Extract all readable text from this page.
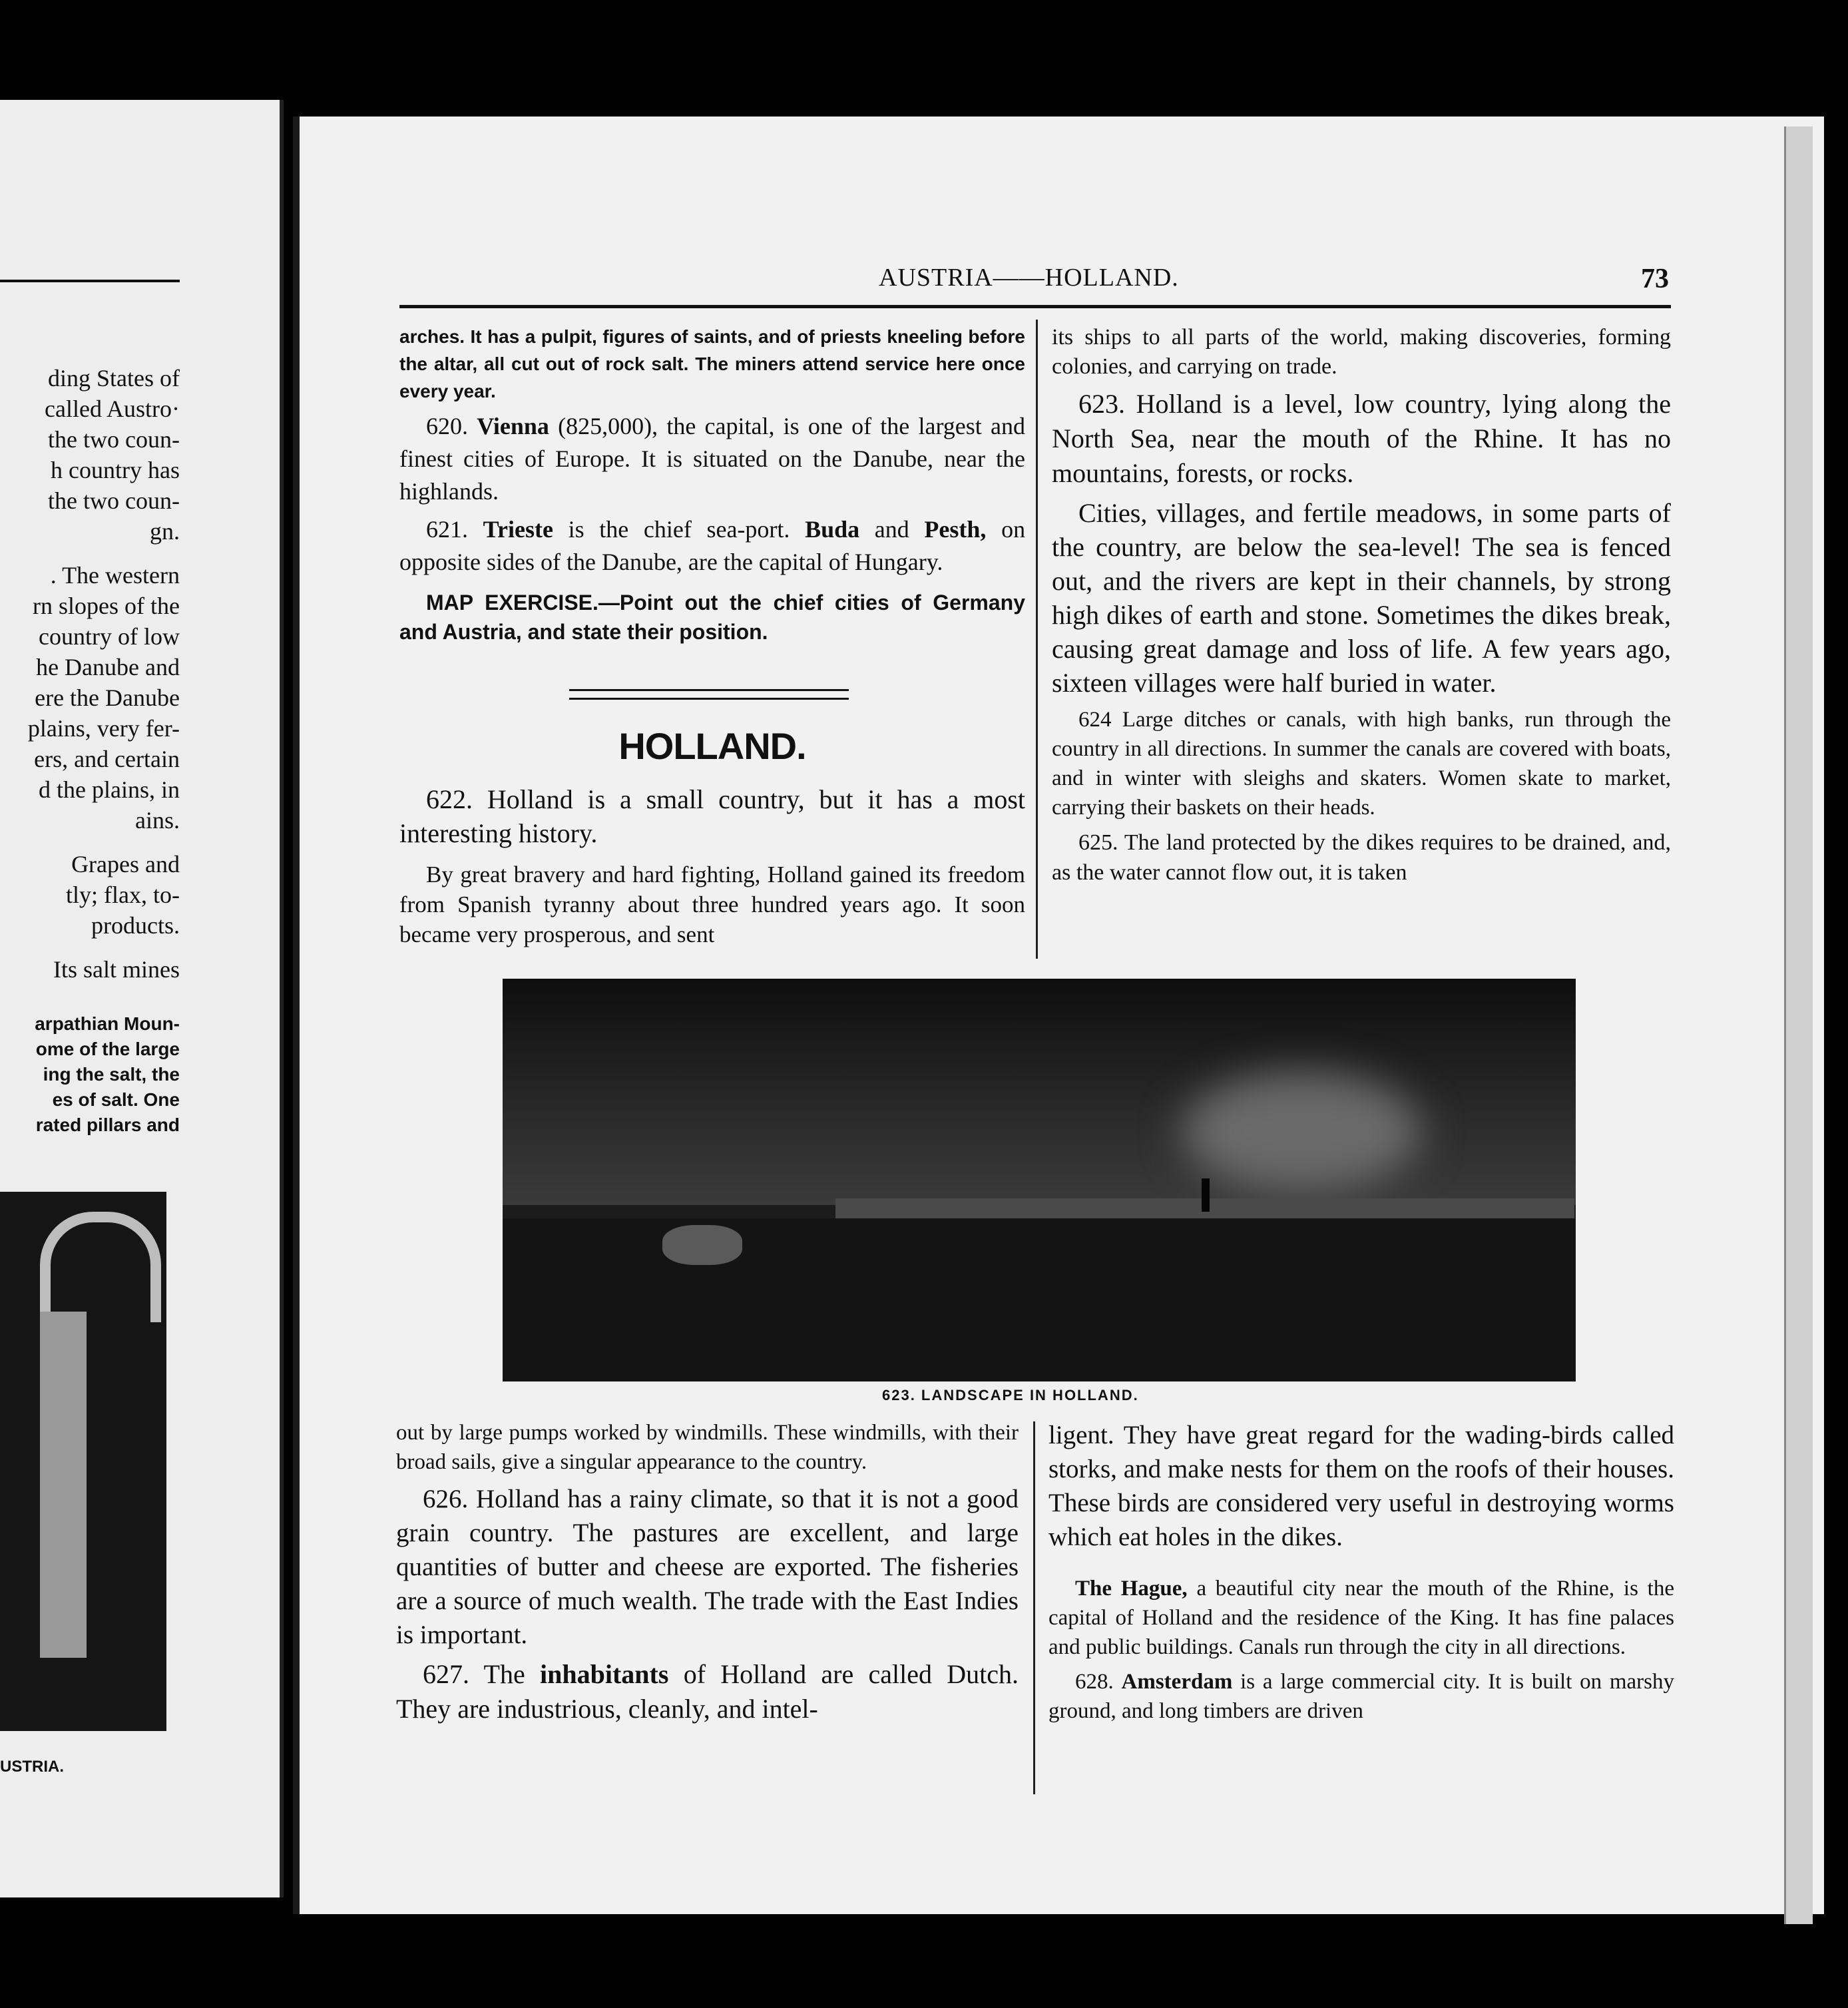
ding States of
called Austro·
the two coun-
h country has
the two coun-
gn.
. The western
rn slopes of the
country of low
he Danube and
ere the Danube
plains, very fer-
ers, and certain
d the plains, in
ains.
Grapes and
tly; flax, to-
products.
Its salt mines
arpathian Moun-
ome of the large
ing the salt, the
es of salt. One
rated pillars and
USTRIA.
AUSTRIA——HOLLAND.	73

arches. It has a pulpit, figures of saints, and of priests kneeling before the altar, all cut out of rock salt. The miners attend service here once every year.

620. Vienna (825,000), the capital, is one of the largest and finest cities of Europe. It is situated on the Danube, near the highlands.

621. Trieste is the chief sea-port. Buda and Pesth, on opposite sides of the Danube, are the capital of Hungary.

MAP EXERCISE.—Point out the chief cities of Germany and Austria, and state their position.

HOLLAND.

622. Holland is a small country, but it has a most interesting history.

By great bravery and hard fighting, Holland gained its freedom from Spanish tyranny about three hundred years ago. It soon became very prosperous, and sent

its ships to all parts of the world, making discoveries, forming colonies, and carrying on trade.

623. Holland is a level, low country, lying along the North Sea, near the mouth of the Rhine. It has no mountains, forests, or rocks.

Cities, villages, and fertile meadows, in some parts of the country, are below the sea-level! The sea is fenced out, and the rivers are kept in their channels, by strong high dikes of earth and stone. Sometimes the dikes break, causing great damage and loss of life. A few years ago, sixteen villages were half buried in water.

624 Large ditches or canals, with high banks, run through the country in all directions. In summer the canals are covered with boats, and in winter with sleighs and skaters. Women skate to market, carrying their baskets on their heads.

625. The land protected by the dikes requires to be drained, and, as the water cannot flow out, it is taken

623. LANDSCAPE IN HOLLAND.

out by large pumps worked by windmills. These windmills, with their broad sails, give a singular appearance to the country.

626. Holland has a rainy climate, so that it is not a good grain country. The pastures are excellent, and large quantities of butter and cheese are exported. The fisheries are a source of much wealth. The trade with the East Indies is important.

627. The inhabitants of Holland are called Dutch. They are industrious, cleanly, and intel-

ligent. They have great regard for the wading-birds called storks, and make nests for them on the roofs of their houses. These birds are considered very useful in destroying worms which eat holes in the dikes.

The Hague, a beautiful city near the mouth of the Rhine, is the capital of Holland and the residence of the King. It has fine palaces and public buildings. Canals run through the city in all directions.

628. Amsterdam is a large commercial city. It is built on marshy ground, and long timbers are driven
